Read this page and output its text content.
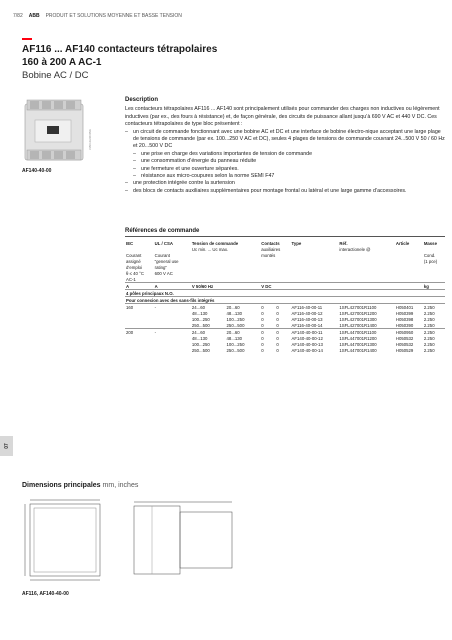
7/82 ABB PRODUIT ET SOLUTIONS MOYENNE ET BASSE TENSION
AF116 ... AF140 contacteurs tétrapolaires
160 à 200 A AC-1
Bobine AC / DC
1SBC101234F0501
AF140-40-00
Description

Les contacteurs tétrapolaires AF116 ... AF140 sont principalement utilisés pour commander des charges non inductives ou légèrement inductives (par ex., des fours à résistance) et, de façon générale, des circuits de puissance allant jusqu’à 690 V AC et 440 V DC. Ces contacteurs tétrapolaires de type bloc présentent :

– un circuit de commande fonctionnant avec une bobine AC et DC et une interface de bobine électro-nique acceptant une large plage de tensions de commande (par ex. 100...250 V AC et DC), seules 4 plages de tensions de commande couvrant 24...500 V 50 / 60 Hz et 20...500 V DC
– une prise en charge des variations importantes de tension de commande
– une consommation d’énergie du panneau réduite
– une fermeture et une ouverture séparées.
– résistance aux micro-coupures selon la norme SEMI F47
– une protection intégrée contre la surtension
– des blocs de contacts auxiliaires supplémentaires pour montage frontal ou latéral et une large gamme d’accessoires.
Références de commande
IEC	UL / CSA	Tension de commande		Contacts		Type	Réf.	Article	Masse
		Uc min. ... Uc max.		auxiliaires			interactionele @		
Courant	Courant			montés					Cond.
assigné	“general use								(1 pce)
d’emploi	rating”								
θ ≤ 40 °C	600 V AC								
AC-1									
A	A	V 50/60 Hz		V DC					kg
4 pôles principaux N.O.									
Pour connexion avec des sans-fils intégrés									
160	-	24...60	20...60	0	0	AF116-40-00-11	1SFL427001R1100	H050401	2.250
		48...130	48...130	0	0	AF116-40-00-12	1SFL427001R1200	H050399	2.250
		100...250	100...250	0	0	AF116-40-00-13	1SFL427001R1300	H050398	2.250
		250...500	250...500	0	0	AF116-40-00-14	1SFL427001R1400	H050390	2.250
200	-	24...60	20...60	0	0	AF140-40-00-11	1SFL447001R1100	H050950	2.250
		48...130	48...130	0	0	AF140-40-00-12	1SFL447001R1200	H050532	2.250
		100...250	100...250	0	0	AF140-40-00-13	1SFL447001R1300	H050532	2.250
		250...500	250...500	0	0	AF140-40-00-14	1SFL447001R1400	H050529	2.250
07
Dimensions principales mm, inches
AF116, AF140-40-00
